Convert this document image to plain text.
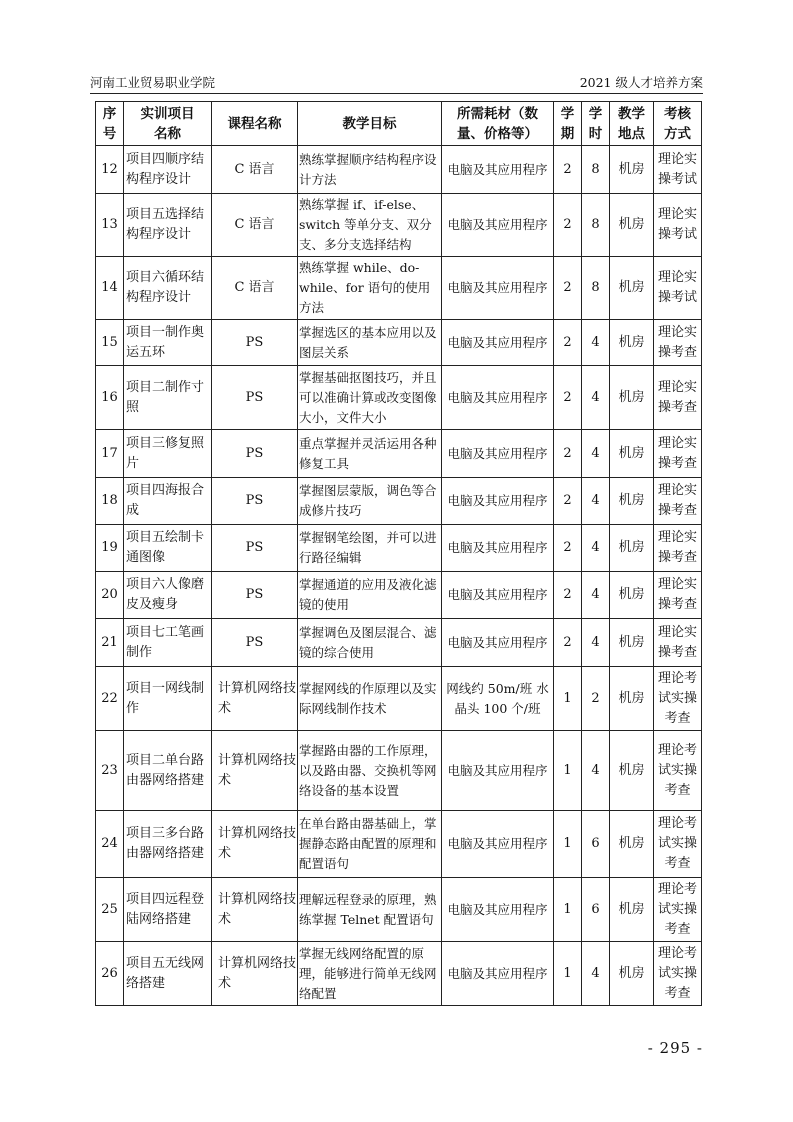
河南工业贸易职业学院	2021 级人才培养方案
序号	实训项目名称	课程名称	教学目标	所需耗材（数量、价格等）	学期	学时	教学地点	考核方式
12	项目四顺序结构程序设计	C 语言	熟练掌握顺序结构程序设计方法	电脑及其应用程序	2	8	机房	理论实操考试
13	项目五选择结构程序设计	C 语言	熟练掌握 if、if-else、switch 等单分支、双分支、多分支选择结构	电脑及其应用程序	2	8	机房	理论实操考试
14	项目六循环结构程序设计	C 语言	熟练掌握 while、do-while、for 语句的使用方法	电脑及其应用程序	2	8	机房	理论实操考试
15	项目一制作奥运五环	PS	掌握选区的基本应用以及图层关系	电脑及其应用程序	2	4	机房	理论实操考查
16	项目二制作寸照	PS	掌握基础抠图技巧，并且可以准确计算或改变图像大小，文件大小	电脑及其应用程序	2	4	机房	理论实操考查
17	项目三修复照片	PS	重点掌握并灵活运用各种修复工具	电脑及其应用程序	2	4	机房	理论实操考查
18	项目四海报合成	PS	掌握图层蒙版，调色等合成修片技巧	电脑及其应用程序	2	4	机房	理论实操考查
19	项目五绘制卡通图像	PS	掌握钢笔绘图，并可以进行路径编辑	电脑及其应用程序	2	4	机房	理论实操考查
20	项目六人像磨皮及瘦身	PS	掌握通道的应用及液化滤镜的使用	电脑及其应用程序	2	4	机房	理论实操考查
21	项目七工笔画制作	PS	掌握调色及图层混合、滤镜的综合使用	电脑及其应用程序	2	4	机房	理论实操考查
22	项目一网线制作	计算机网络技术	掌握网线的作原理以及实际网线制作技术	网线约 50m/班 水晶头 100 个/班	1	2	机房	理论考试实操考查
23	项目二单台路由器网络搭建	计算机网络技术	掌握路由器的工作原理，以及路由器、交换机等网络设备的基本设置	电脑及其应用程序	1	4	机房	理论考试实操考查
24	项目三多台路由器网络搭建	计算机网络技术	在单台路由器基础上，掌握静态路由配置的原理和配置语句	电脑及其应用程序	1	6	机房	理论考试实操考查
25	项目四远程登陆网络搭建	计算机网络技术	理解远程登录的原理，熟练掌握 Telnet 配置语句	电脑及其应用程序	1	6	机房	理论考试实操考查
26	项目五无线网络搭建	计算机网络技术	掌握无线网络配置的原理，能够进行简单无线网络配置	电脑及其应用程序	1	4	机房	理论考试实操考查
- 295 -
